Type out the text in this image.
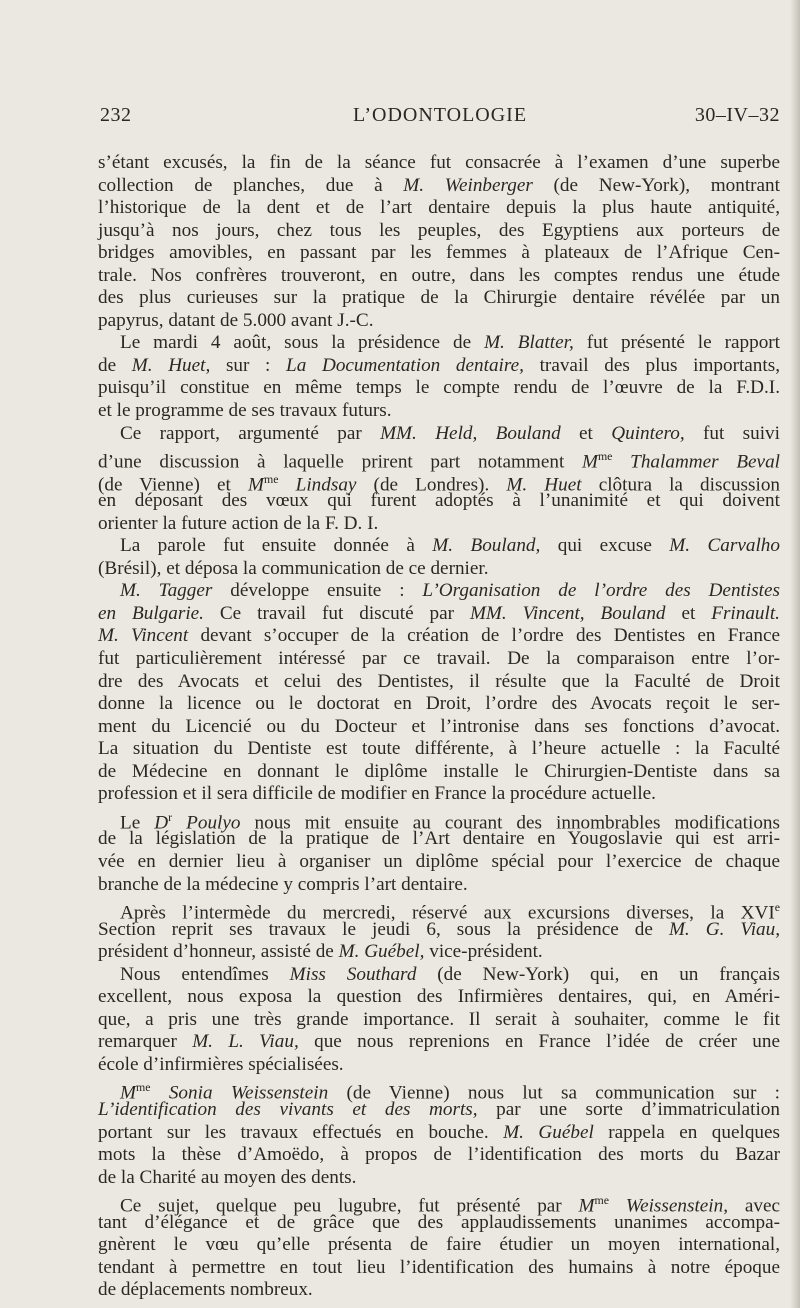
L’ODONTOLOGIE
232	30–IV–32
s’étant excusés, la fin de la séance fut consacrée à l’examen d’une superbe
collection de planches, due à M. Weinberger (de New-York), montrant
l’historique de la dent et de l’art dentaire depuis la plus haute antiquité,
jusqu’à nos jours, chez tous les peuples, des Egyptiens aux porteurs de
bridges amovibles, en passant par les femmes à plateaux de l’Afrique Cen-
trale. Nos confrères trouveront, en outre, dans les comptes rendus une étude
des plus curieuses sur la pratique de la Chirurgie dentaire révélée par un
papyrus, datant de 5.000 avant J.-C.
Le mardi 4 août, sous la présidence de M. Blatter, fut présenté le rapport
de M. Huet, sur : La Documentation dentaire, travail des plus importants,
puisqu’il constitue en même temps le compte rendu de l’œuvre de la F.D.I.
et le programme de ses travaux futurs.
Ce rapport, argumenté par MM. Held, Bouland et Quintero, fut suivi
d’une discussion à laquelle prirent part notamment $M^{me}$ Thalammer Beval
(de Vienne) et $M^{me}$ Lindsay (de Londres). M. Huet clôtura la discussion
en déposant des vœux qui furent adoptés à l’unanimité et qui doivent
orienter la future action de la F. D. I.
La parole fut ensuite donnée à M. Bouland, qui excuse M. Carvalho
(Brésil), et déposa la communication de ce dernier.
M. Tagger développe ensuite : L’Organisation de l’ordre des Dentistes
en Bulgarie. Ce travail fut discuté par MM. Vincent, Bouland et Frinault.
M. Vincent devant s’occuper de la création de l’ordre des Dentistes en France
fut particulièrement intéressé par ce travail. De la comparaison entre l’or-
dre des Avocats et celui des Dentistes, il résulte que la Faculté de Droit
donne la licence ou le doctorat en Droit, l’ordre des Avocats reçoit le ser-
ment du Licencié ou du Docteur et l’intronise dans ses fonctions d’avocat.
La situation du Dentiste est toute différente, à l’heure actuelle : la Faculté
de Médecine en donnant le diplôme installe le Chirurgien-Dentiste dans sa
profession et il sera difficile de modifier en France la procédure actuelle.
Le $D^r$ Poulyo nous mit ensuite au courant des innombrables modifications
de la législation de la pratique de l’Art dentaire en Yougoslavie qui est arri-
vée en dernier lieu à organiser un diplôme spécial pour l’exercice de chaque
branche de la médecine y compris l’art dentaire.
Après l’intermède du mercredi, réservé aux excursions diverses, la XVIe
Section reprit ses travaux le jeudi 6, sous la présidence de M. G. Viau,
président d’honneur, assisté de M. Guébel, vice-président.
Nous entendîmes Miss Southard (de New-York) qui, en un français
excellent, nous exposa la question des Infirmières dentaires, qui, en Améri-
que, a pris une très grande importance. Il serait à souhaiter, comme le fit
remarquer M. L. Viau, que nous reprenions en France l’idée de créer une
école d’infirmières spécialisées.
$M^{me}$ Sonia Weissenstein (de Vienne) nous lut sa communication sur :
L’identification des vivants et des morts, par une sorte d’immatriculation
portant sur les travaux effectués en bouche. M. Guébel rappela en quelques
mots la thèse d’Amoëdo, à propos de l’identification des morts du Bazar
de la Charité au moyen des dents.
Ce sujet, quelque peu lugubre, fut présenté par $M^{me}$ Weissenstein, avec
tant d’élégance et de grâce que des applaudissements unanimes accompa-
gnèrent le vœu qu’elle présenta de faire étudier un moyen international,
tendant à permettre en tout lieu l’identification des humains à notre époque
de déplacements nombreux.
